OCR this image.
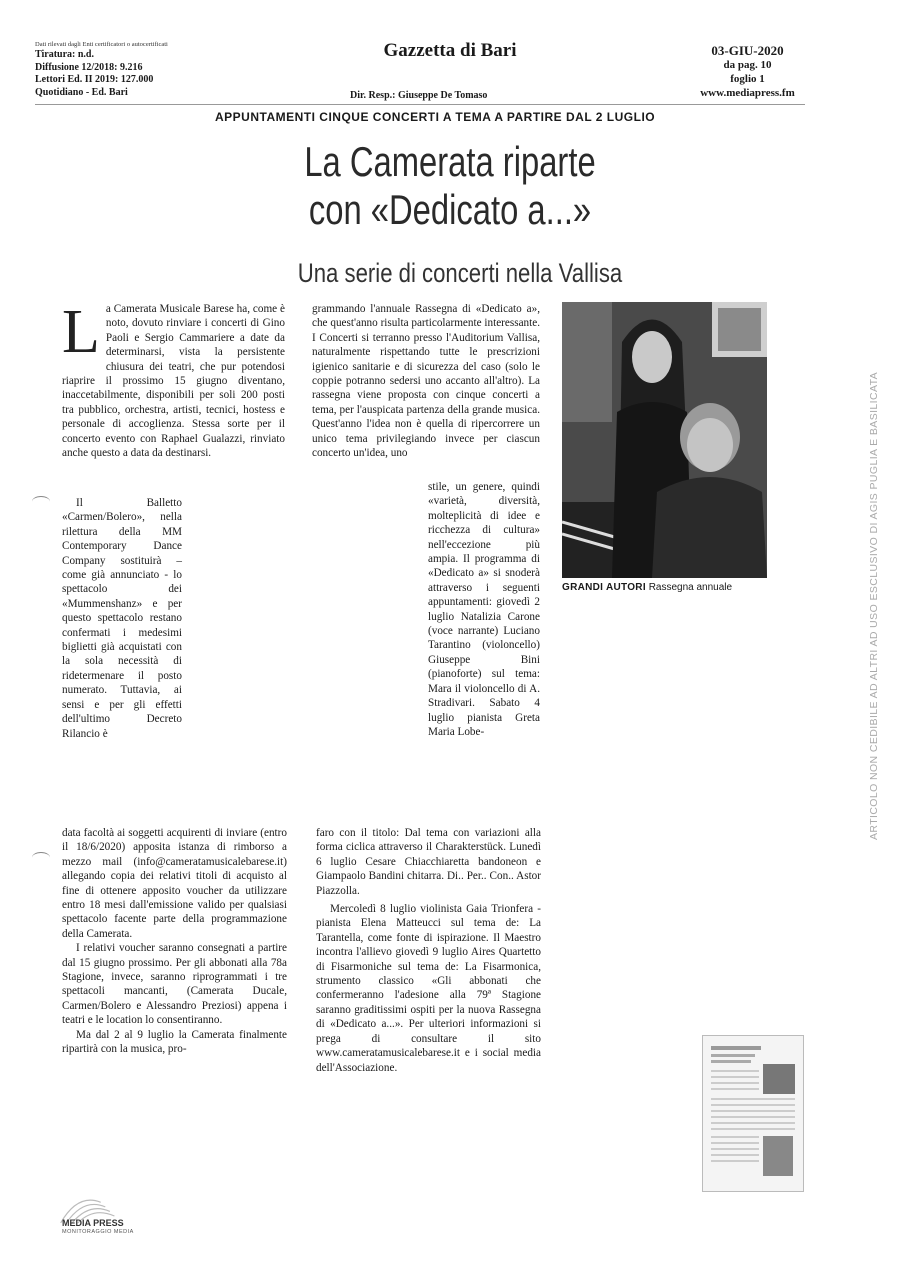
Dati rilevati dagli Enti certificatori o autocertificati
Tiratura: n.d.
Diffusione 12/2018: 9.216
Lettori Ed. II 2019: 127.000
Quotidiano - Ed. Bari
Gazzetta di Bari
Dir. Resp.: Giuseppe De Tomaso
03-GIU-2020
da pag. 10
foglio 1
www.mediapress.fm
APPUNTAMENTI CINQUE CONCERTI A TEMA A PARTIRE DAL 2 LUGLIO
La Camerata riparte
con «Dedicato a...»
Una serie di concerti nella Vallisa
L a Camerata Musicale Barese ha, come è noto, dovuto rinviare i concerti di Gino Paoli e Sergio Cammariere a date da determinarsi, vista la persistente chiusura dei teatri, che pur potendosi riaprire il prossimo 15 giugno diventano, inaccetabilmente, disponibili per soli 200 posti tra pubblico, orchestra, artisti, tecnici, hostess e personale di accoglienza. Stessa sorte per il concerto evento con Raphael Gualazzi, rinviato anche questo a data da destinarsi.

Il Balletto «Carmen/Bolero», nella rilettura della MM Contemporary Dance Company sostituirà – come già annunciato - lo spettacolo dei «Mummenshanz» e per questo spettacolo restano confermati i medesimi biglietti già acquistati con la sola necessità di ridetermenare il posto numerato. Tuttavia, ai sensi e per gli effetti dell'ultimo Decreto Rilancio è

data facoltà ai soggetti acquirenti di inviare (entro il 18/6/2020) apposita istanza di rimborso a mezzo mail (info@cameratamusicalebarese.it) allegando copia dei relativi titoli di acquisto al fine di ottenere apposito voucher da utilizzare entro 18 mesi dall'emissione valido per qualsiasi spettacolo facente parte della programmazione della Camerata.

I relativi voucher saranno consegnati a partire dal 15 giugno prossimo. Per gli abbonati alla 78a Stagione, invece, saranno riprogrammati i tre spettacoli mancanti, (Camerata Ducale, Carmen/Bolero e Alessandro Preziosi) appena i teatri e le location lo consentiranno.

Ma dal 2 al 9 luglio la Camerata finalmente ripartirà con la musica, pro-

grammando l'annuale Rassegna di «Dedicato a», che quest'anno risulta particolarmente interessante. I Concerti si terranno presso l'Auditorium Vallisa, naturalmente rispettando tutte le prescrizioni igienico sanitarie e di sicurezza del caso (solo le coppie potranno sedersi uno accanto all'altro). La rassegna viene proposta con cinque concerti a tema, per l'auspicata partenza della grande musica. Quest'anno l'idea non è quella di ripercorrere un unico tema privilegiando invece per ciascun concerto un'idea, uno

stile, un genere, quindi «varietà, diversità, molteplicità di idee e ricchezza di cultura» nell'eccezione più ampia. Il programma di «Dedicato a» si snoderà attraverso i seguenti appuntamenti: giovedì 2 luglio Natalizia Carone (voce narrante) Luciano Tarantino (violoncello) Giuseppe Bini (pianoforte) sul tema: Mara il violoncello di A. Stradivari. Sabato 4 luglio pianista Greta Maria Lobe-

faro con il titolo: Dal tema con variazioni alla forma ciclica attraverso il Charakterstück. Lunedì 6 luglio Cesare Chiacchiaretta bandoneon e Giampaolo Bandini chitarra. Di.. Per.. Con.. Astor Piazzolla.

Mercoledì 8 luglio violinista Gaia Trionfera - pianista Elena Matteucci sul tema de: La Tarantella, come fonte di ispirazione. Il Maestro incontra l'allievo giovedì 9 luglio Aires Quartetto di Fisarmoniche sul tema de: La Fisarmonica, strumento classico «Gli abbonati che confermeranno l'adesione alla 79ª Stagione saranno graditissimi ospiti per la nuova Rassegna di «Dedicato a...». Per ulteriori informazioni si prega di consultare il sito www.cameratamusicalebarese.it e i social media dell'Associazione.

GRANDI AUTORI Rassegna annuale	ARTICOLO NON CEDIBILE AD ALTRI AD USO ESCLUSIVO DI AGIS PUGLIA E BASILICATA
MEDIA PRESS
MONITORAGGIO MEDIA
